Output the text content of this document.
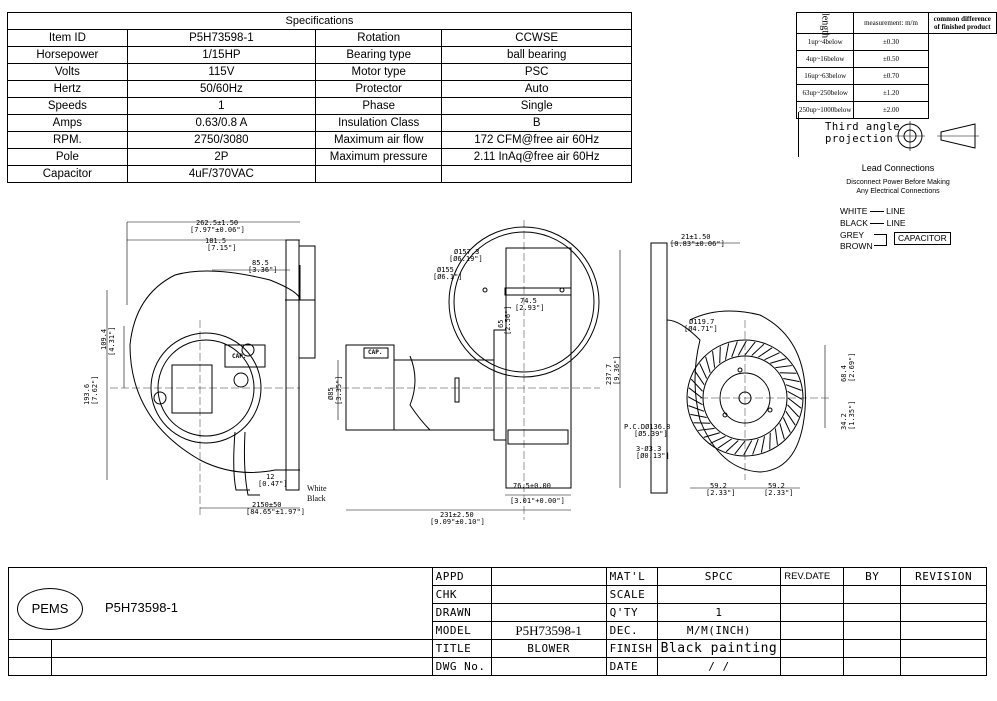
Specifications				
Item ID	P5H73598-1	Rotation	CCWSE	
Horsepower	1/15HP	Bearing type	ball bearing	
Volts	115V	Motor type	PSC	
Hertz	50/60Hz	Protector	Auto	
Speeds	1	Phase	Single	
Amps	0.63/0.8 A	Insulation Class	B	
RPM.	2750/3080	Maximum air flow	172 CFM@free air 60Hz	
Pole	2P	Maximum pressure	2.11 InAq@free air 60Hz	
Capacitor	4uF/370VAC			
length	measurement: m/m	common difference of finished product
1up~4below	±0.30	
4up~16below	±0.50	
16up~63below	±0.70	
63up~250below	±1.20	
250up~1000below	±2.00	
Third angle
projection
Lead Connections
Disconnect Power Before Making
Any Electrical Connections
WHITE LINE
BLACK LINE
GREY
BROWN
CAPACITOR
CAP.
CAP.
White
Black
262.5±1.50
[7.97"±0.06"]
181.5
[7.15"]
85.5
[3.36"]
109.4 [4.31"]
193.6 [7.62"]
12
[0.47"]
2150±50
[84.65"±1.97"]
Ø157.3
[Ø6.19"]
Ø155
[Ø6.1"]
74.5
[2.93"]
65 [2.56"]
Ø85 [3.35"]
237.7 [9.36"]
76.5+0.00
[3.01"+0.00"]
231±2.50
[9.09"±0.10"]
21±1.50
[0.83"±0.06"]
Ø119.7
[Ø4.71"]
68.4 [2.69"]
P.C.DØ136.8
[Ø5.39"]
3-Ø3.3
[Ø0.13"]
34.2 [1.35"]
59.2
[2.33"]
59.2
[2.33"]
PEMS P5H73598-1		APPD		MAT'L	SPCC	REV.DATE	BY	REVISION
		CHK		SCALE				
		DRAWN		Q'TY	1			
		MODEL	P5H73598-1	DEC.	M/M(INCH)			
		TITLE	BLOWER	FINISH	Black painting			
		DWG No.		DATE	/ /			
